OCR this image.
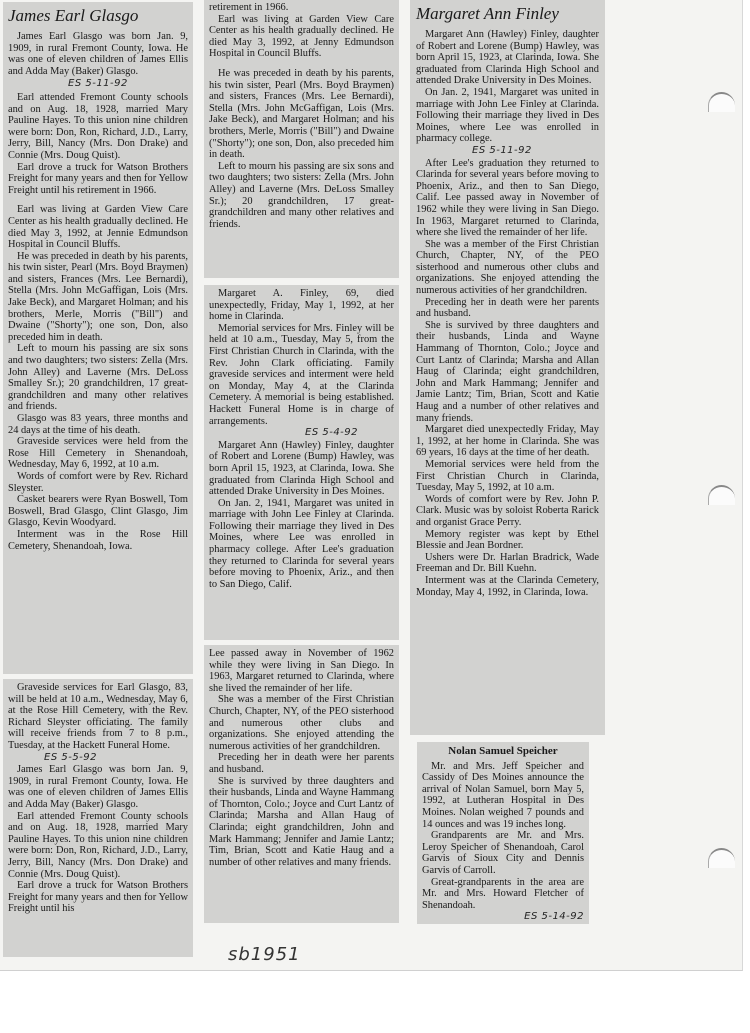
James Earl Glasgo

James Earl Glasgo was born Jan. 9, 1909, in rural Fremont County, Iowa. He was one of eleven children of James Ellis and Adda May (Baker) Glasgo.

ES 5-11-92

Earl attended Fremont County schools and on Aug. 18, 1928, married Mary Pauline Hayes. To this union nine children were born: Don, Ron, Richard, J.D., Larry, Jerry, Bill, Nancy (Mrs. Don Drake) and Connie (Mrs. Doug Quist).

Earl drove a truck for Watson Brothers Freight for many years and then for Yellow Freight until his retirement in 1966.

Earl was living at Garden View Care Center as his health gradually declined. He died May 3, 1992, at Jennie Edmundson Hospital in Council Bluffs.

He was preceded in death by his parents, his twin sister, Pearl (Mrs. Boyd Braymen) and sisters, Frances (Mrs. Lee Bernardi), Stella (Mrs. John McGaffigan, Lois (Mrs. Jake Beck), and Margaret Holman; and his brothers, Merle, Morris ("Bill") and Dwaine ("Shorty"); one son, Don, also preceded him in death.

Left to mourn his passing are six sons and two daughters; two sisters: Zella (Mrs. John Alley) and Laverne (Mrs. DeLoss Smalley Sr.); 20 grandchildren, 17 great-grandchildren and many other relatives and friends.

Glasgo was 83 years, three months and 24 days at the time of his death.

Graveside services were held from the Rose Hill Cemetery in Shenandoah, Wednesday, May 6, 1992, at 10 a.m.

Words of comfort were by Rev. Richard Sleyster.

Casket bearers were Ryan Boswell, Tom Boswell, Brad Glasgo, Clint Glasgo, Jim Glasgo, Kevin Woodyard.

Interment was in the Rose Hill Cemetery, Shenandoah, Iowa.

Graveside services for Earl Glasgo, 83, will be held at 10 a.m., Wednesday, May 6, at the Rose Hill Cemetery, with the Rev. Richard Sleyster officiating. The family will receive friends from 7 to 8 p.m., Tuesday, at the Hackett Funeral Home.

ES 5-5-92

James Earl Glasgo was born Jan. 9, 1909, in rural Fremont County, Iowa. He was one of eleven children of James Ellis and Adda May (Baker) Glasgo.

Earl attended Fremont County schools and on Aug. 18, 1928, married Mary Pauline Hayes. To this union nine children were born: Don, Ron, Richard, J.D., Larry, Jerry, Bill, Nancy (Mrs. Don Drake) and Connie (Mrs. Doug Quist).

Earl drove a truck for Watson Brothers Freight for many years and then for Yellow Freight until his

retirement in 1966.

Earl was living at Garden View Care Center as his health gradually declined. He died May 3, 1992, at Jenny Edmundson Hospital in Council Bluffs.

He was preceded in death by his parents, his twin sister, Pearl (Mrs. Boyd Braymen) and sisters, Frances (Mrs. Lee Bernardi), Stella (Mrs. John McGaffigan, Lois (Mrs. Jake Beck), and Margaret Holman; and his brothers, Merle, Morris ("Bill") and Dwaine ("Shorty"); one son, Don, also preceded him in death.

Left to mourn his passing are six sons and two daughters; two sisters: Zella (Mrs. John Alley) and Laverne (Mrs. DeLoss Smalley Sr.); 20 grandchildren, 17 great-grandchildren and many other relatives and friends.

Margaret A. Finley, 69, died unexpectedly, Friday, May 1, 1992, at her home in Clarinda.

Memorial services for Mrs. Finley will be held at 10 a.m., Tuesday, May 5, from the First Christian Church in Clarinda, with the Rev. John Clark officiating. Family graveside services and interment were held on Monday, May 4, at the Clarinda Cemetery. A memorial is being established. Hackett Funeral Home is in charge of arrangements.

ES 5-4-92

Margaret Ann (Hawley) Finley, daughter of Robert and Lorene (Bump) Hawley, was born April 15, 1923, at Clarinda, Iowa. She graduated from Clarinda High School and attended Drake University in Des Moines.

On Jan. 2, 1941, Margaret was united in marriage with John Lee Finley at Clarinda. Following their marriage they lived in Des Moines, where Lee was enrolled in pharmacy college. After Lee's graduation they returned to Clarinda for several years before moving to Phoenix, Ariz., and then to San Diego, Calif.

Lee passed away in November of 1962 while they were living in San Diego. In 1963, Margaret returned to Clarinda, where she lived the remainder of her life.

She was a member of the First Christian Church, Chapter, NY, of the PEO sisterhood and numerous other clubs and organizations. She enjoyed attending the numerous activities of her grandchildren.

Preceding her in death were her parents and husband.

She is survived by three daughters and their husbands, Linda and Wayne Hammang of Thornton, Colo.; Joyce and Curt Lantz of Clarinda; Marsha and Allan Haug of Clarinda; eight grandchildren, John and Mark Hammang; Jennifer and Jamie Lantz; Tim, Brian, Scott and Katie Haug and a number of other relatives and many friends.

Margaret Ann Finley

Margaret Ann (Hawley) Finley, daughter of Robert and Lorene (Bump) Hawley, was born April 15, 1923, at Clarinda, Iowa. She graduated from Clarinda High School and attended Drake University in Des Moines.

On Jan. 2, 1941, Margaret was united in marriage with John Lee Finley at Clarinda. Following their marriage they lived in Des Moines, where Lee was enrolled in pharmacy college.

ES 5-11-92

After Lee's graduation they returned to Clarinda for several years before moving to Phoenix, Ariz., and then to San Diego, Calif. Lee passed away in November of 1962 while they were living in San Diego. In 1963, Margaret returned to Clarinda, where she lived the remainder of her life.

She was a member of the First Christian Church, Chapter, NY, of the PEO sisterhood and numerous other clubs and organizations. She enjoyed attending the numerous activities of her grandchildren.

Preceding her in death were her parents and husband.

She is survived by three daughters and their husbands, Linda and Wayne Hammang of Thornton, Colo.; Joyce and Curt Lantz of Clarinda; Marsha and Allan Haug of Clarinda; eight grandchildren, John and Mark Hammang; Jennifer and Jamie Lantz; Tim, Brian, Scott and Katie Haug and a number of other relatives and many friends.

Margaret died unexpectedly Friday, May 1, 1992, at her home in Clarinda. She was 69 years, 16 days at the time of her death.

Memorial services were held from the First Christian Church in Clarinda, Tuesday, May 5, 1992, at 10 a.m.

Words of comfort were by Rev. John P. Clark. Music was by soloist Roberta Rarick and organist Grace Perry.

Memory register was kept by Ethel Blessie and Jean Bordner.

Ushers were Dr. Harlan Bradrick, Wade Freeman and Dr. Bill Kuehn.

Interment was at the Clarinda Cemetery, Monday, May 4, 1992, in Clarinda, Iowa.

Nolan Samuel Speicher

Mr. and Mrs. Jeff Speicher and Cassidy of Des Moines announce the arrival of Nolan Samuel, born May 5, 1992, at Lutheran Hospital in Des Moines. Nolan weighed 7 pounds and 14 ounces and was 19 inches long.

Grandparents are Mr. and Mrs. Leroy Speicher of Shenandoah, Carol Garvis of Sioux City and Dennis Garvis of Carroll.

Great-grandparents in the area are Mr. and Mrs. Howard Fletcher of Shenandoah.

ES 5-14-92

sb1951
